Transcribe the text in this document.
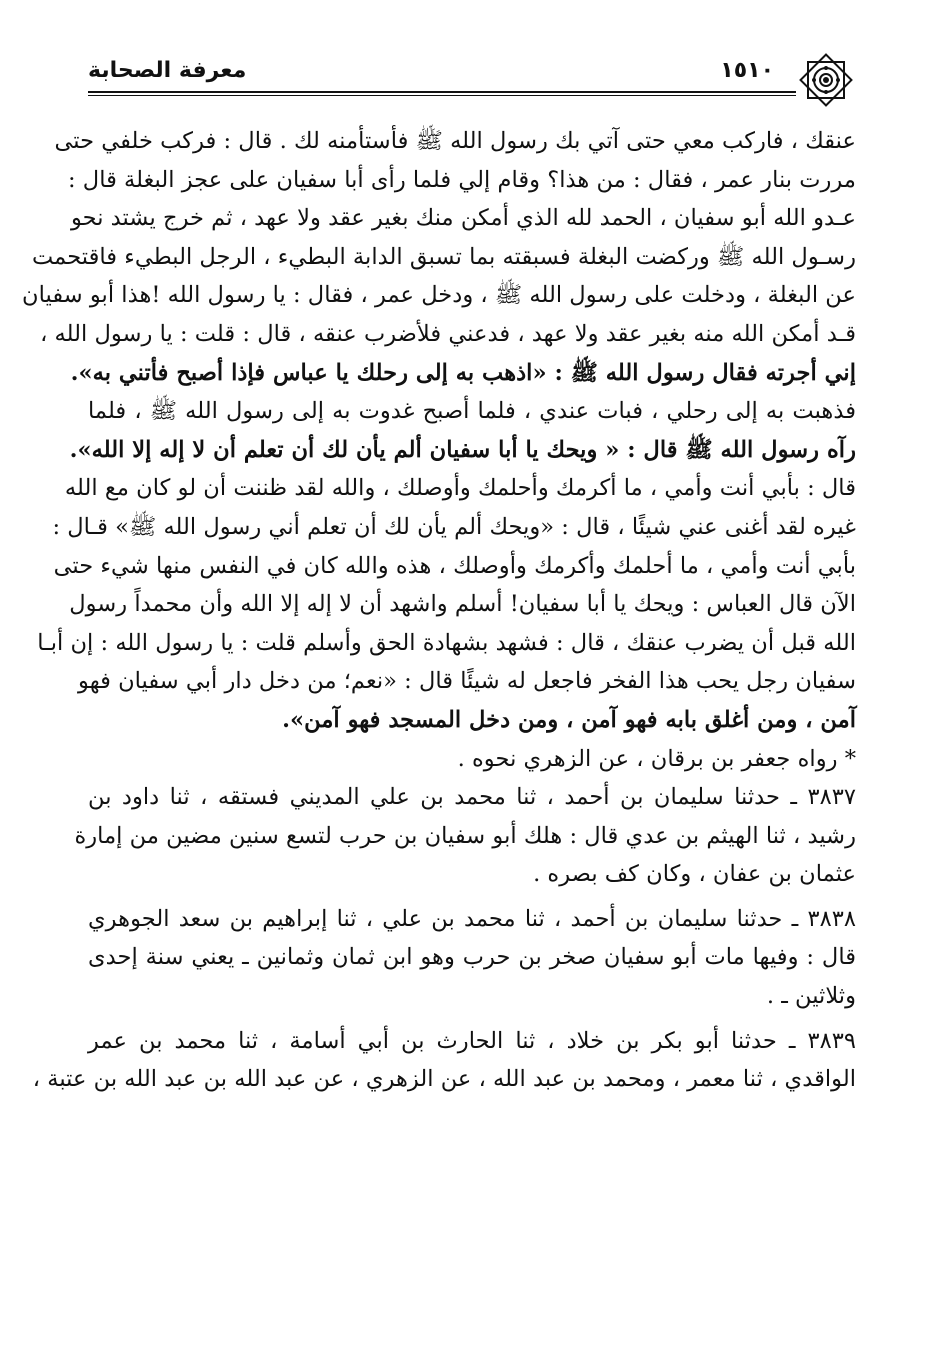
معرفة الصحابة	١٥١٠
عنقك ، فاركب معي حتى آتي بك رسول الله ﷺ فأستأمنه لك . قال : فركب خلفي حتى
مررت بنار عمر ، فقال : من هذا؟ وقام إلي فلما رأى أبا سفيان على عجز البغلة قال :
عـدو الله أبو سفيان ، الحمد لله الذي أمكن منك بغير عقد ولا عهد ، ثم خرج يشتد نحو
رسـول الله ﷺ وركضت البغلة فسبقته بما تسبق الدابة البطيء ، الرجل البطيء فاقتحمت
عن البغلة ، ودخلت على رسول الله ﷺ ، ودخل عمر ، فقال : يا رسول الله !هذا أبو سفيان
قـد أمكن الله منه بغير عقد ولا عهد ، فدعني فلأضرب عنقه ، قال : قلت : يا رسول الله ،
إني أجرته فقال رسول الله ﷺ : «اذهب به إلى رحلك يا عباس فإذا أصبح فأتني به».
فذهبت به إلى رحلي ، فبات عندي ، فلما أصبح غدوت به إلى رسول الله ﷺ ، فلما
رآه رسول الله ﷺ قال : « ويحك يا أبا سفيان ألم يأن لك أن تعلم أن لا إله إلا الله».
قال : بأبي أنت وأمي ، ما أكرمك وأحلمك وأوصلك ، والله لقد ظننت أن لو كان مع الله
غيره لقد أغنى عني شيئًا ، قال : «ويحك ألم يأن لك أن تعلم أني رسول الله ﷺ» قـال :
بأبي أنت وأمي ، ما أحلمك وأكرمك وأوصلك ، هذه والله كان في النفس منها شيء حتى
الآن قال العباس : ويحك يا أبا سفيان! أسلم واشهد أن لا إله إلا الله وأن محمداً رسول
الله قبل أن يضرب عنقك ، قال : فشهد بشهادة الحق وأسلم قلت : يا رسول الله : إن أبـا
سفيان رجل يحب هذا الفخر فاجعل له شيئًا قال : «نعم؛ من دخل دار أبي سفيان فهو
آمن ، ومن أغلق بابه فهو آمن ، ومن دخل المسجد فهو آمن».
* رواه جعفر بن برقان ، عن الزهري نحوه .
٣٨٣٧ ـ حدثنا سليمان بن أحمد ، ثنا محمد بن علي المديني فستقه ، ثنا داود بن
رشيد ، ثنا الهيثم بن عدي قال : هلك أبو سفيان بن حرب لتسع سنين مضين من إمارة
عثمان بن عفان ، وكان كف بصره .
٣٨٣٨ ـ حدثنا سليمان بن أحمد ، ثنا محمد بن علي ، ثنا إبراهيم بن سعد الجوهري
قال : وفيها مات أبو سفيان صخر بن حرب وهو ابن ثمان وثمانين ـ يعني سنة إحدى
وثلاثين ـ .
٣٨٣٩ ـ حدثنا أبو بكر بن خلاد ، ثنا الحارث بن أبي أسامة ، ثنا محمد بن عمر
الواقدي ، ثنا معمر ، ومحمد بن عبد الله ، عن الزهري ، عن عبد الله بن عبد الله بن عتبة ،
